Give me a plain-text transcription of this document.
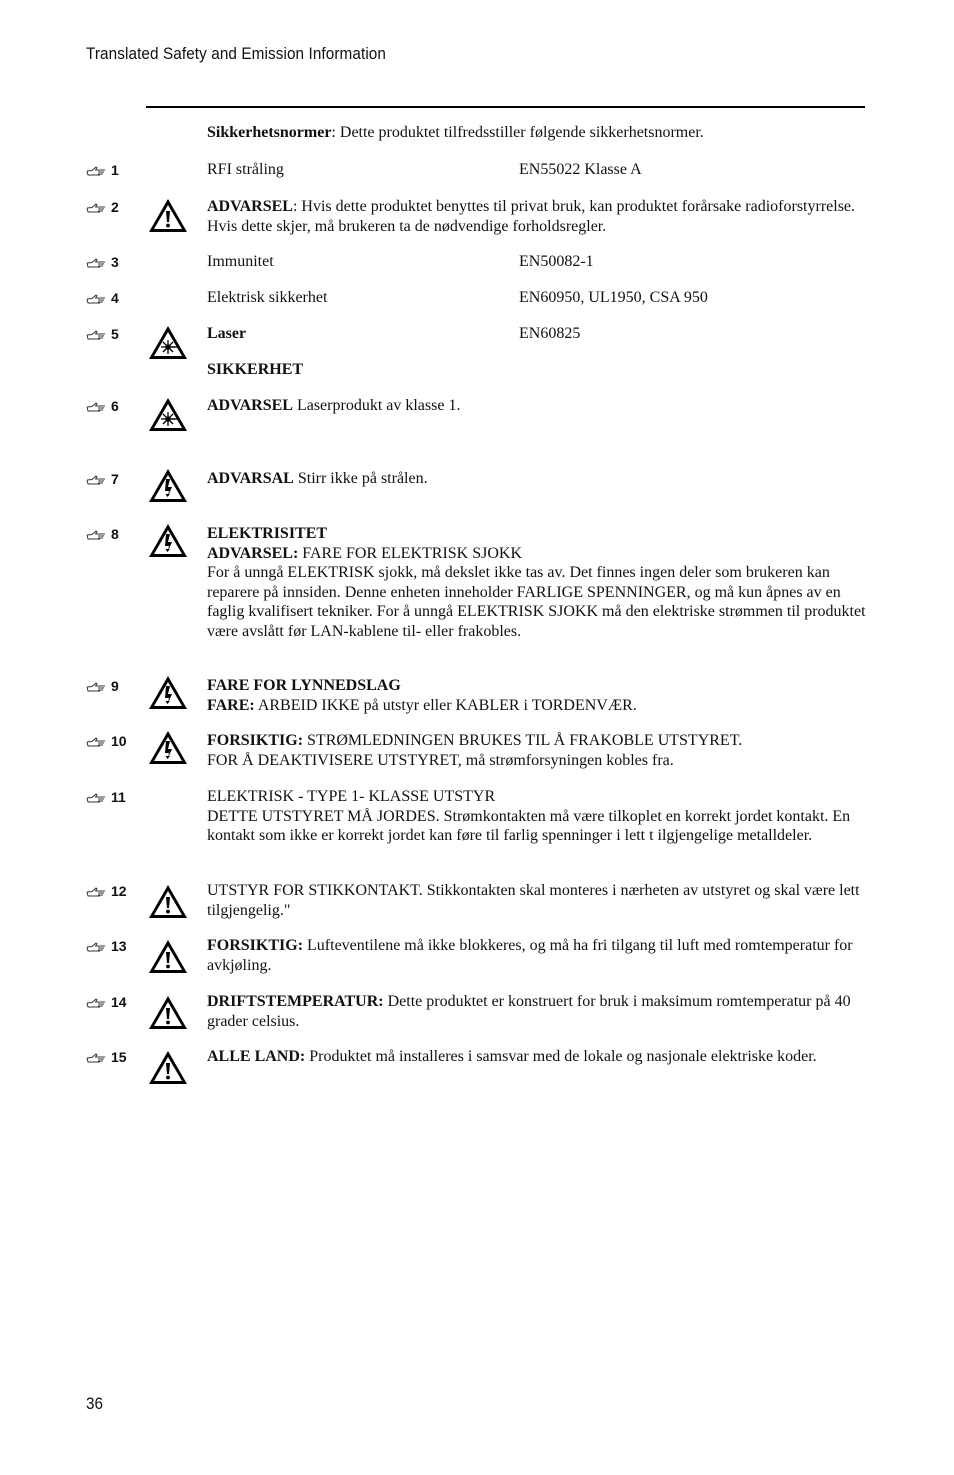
Translated Safety and Emission Information
Sikkerhetsnormer: Dette produktet tilfredsstiller følgende sikkerhetsnormer.
1	RFI stråling	EN55022 Klasse A
2	ADVARSEL: Hvis dette produktet benyttes til privat bruk, kan produktet forårsake radioforstyrrelse. Hvis dette skjer, må brukeren ta de nødvendige forholdsregler.
3	Immunitet	EN50082-1
4	Elektrisk sikkerhet	EN60950, UL1950, CSA 950
5	Laser	EN60825
SIKKERHET
6	ADVARSEL Laserprodukt av klasse 1.
7	ADVARSAL Stirr ikke på strålen.
8	ELEKTRISITET
ADVARSEL: FARE FOR ELEKTRISK SJOKK
For å unngå ELEKTRISK sjokk, må dekslet ikke tas av. Det finnes ingen deler som brukeren kan reparere på innsiden. Denne enheten inneholder FARLIGE SPENNINGER, og må kun åpnes av en faglig kvalifisert tekniker. For å unngå ELEKTRISK SJOKK må den elektriske strømmen til produktet være avslått før LAN-kablene til- eller frakobles.
9	FARE FOR LYNNEDSLAG
FARE: ARBEID IKKE på utstyr eller KABLER i TORDENVÆR.
10	FORSIKTIG: STRØMLEDNINGEN BRUKES TIL Å FRAKOBLE UTSTYRET.
FOR Å DEAKTIVISERE UTSTYRET, må strømforsyningen kobles fra.
11	ELEKTRISK - TYPE 1- KLASSE UTSTYR
DETTE UTSTYRET MÅ JORDES. Strømkontakten må være tilkoplet en korrekt jordet kontakt. En kontakt som ikke er korrekt jordet kan føre til farlig spenninger i lett t ilgjengelige metalldeler.
12	UTSTYR FOR STIKKONTAKT. Stikkontakten skal monteres i nærheten av utstyret og skal være lett tilgjengelig."
13	FORSIKTIG: Lufteventilene må ikke blokkeres, og må ha fri tilgang til luft med romtemperatur for avkjøling.
14	DRIFTSTEMPERATUR: Dette produktet er konstruert for bruk i maksimum romtemperatur på 40 grader celsius.
15	ALLE LAND: Produktet må installeres i samsvar med de lokale og nasjonale elektriske koder.
36
